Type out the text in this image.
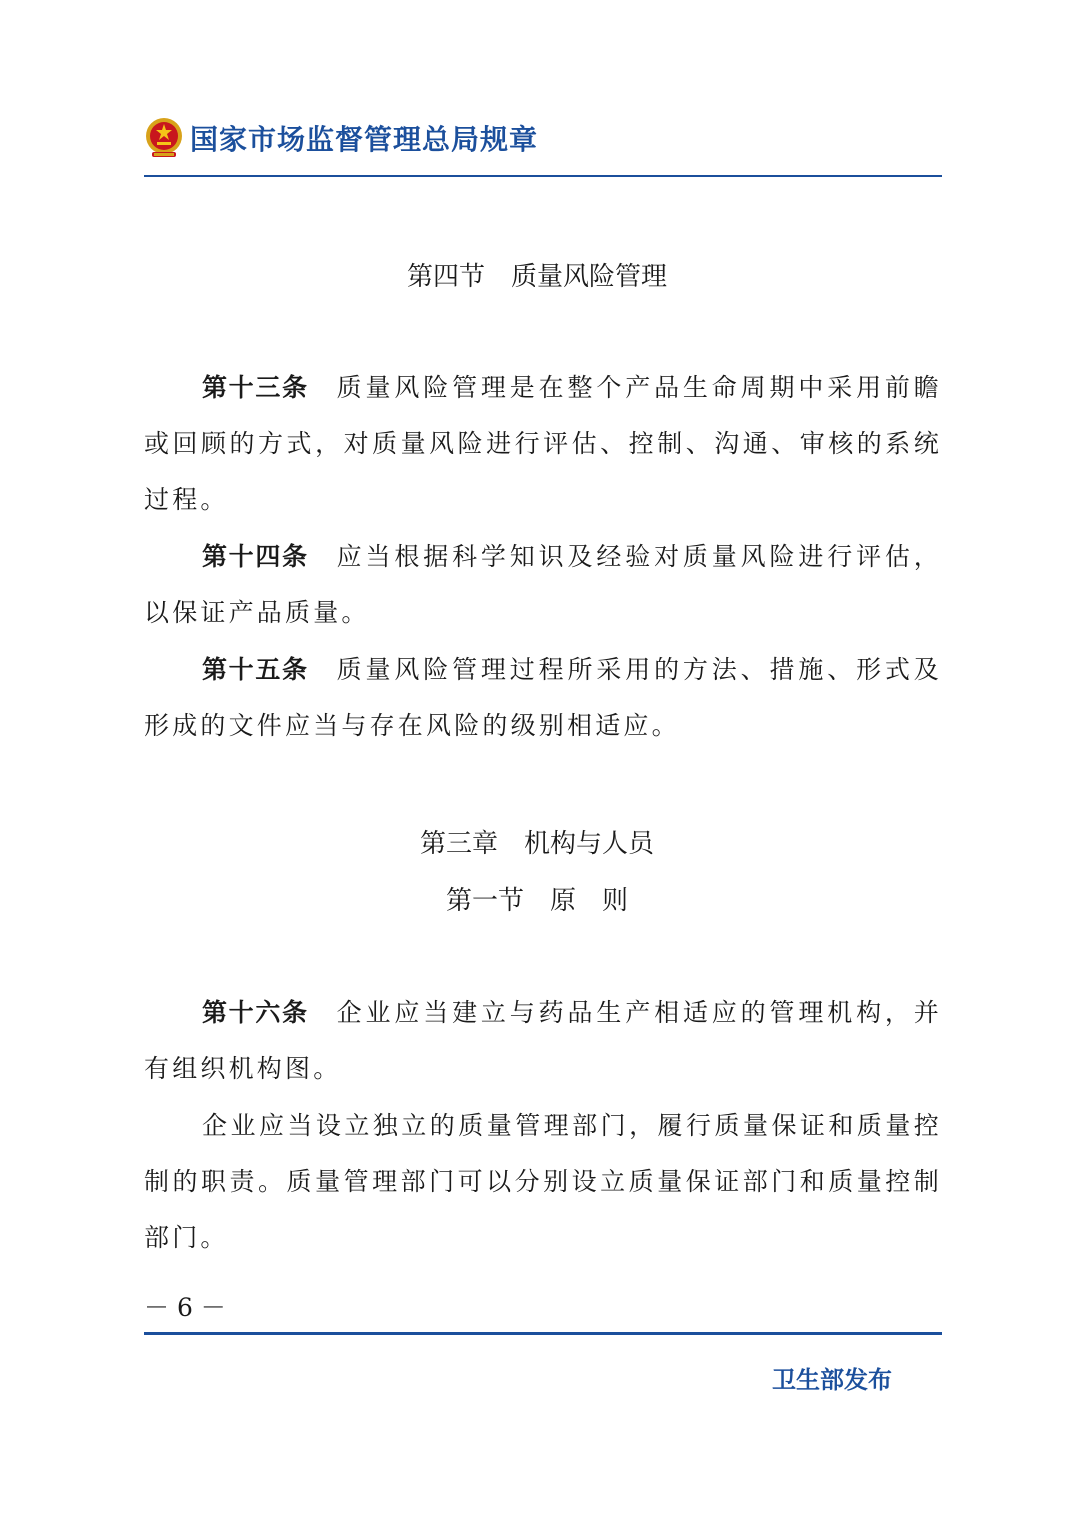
国家市场监督管理总局规章
第四节　质量风险管理

第十三条 质量风险管理是在整个产品生命周期中采用前瞻或回顾的方式，对质量风险进行评估、控制、沟通、审核的系统过程。

第十四条 应当根据科学知识及经验对质量风险进行评估，以保证产品质量。

第十五条 质量风险管理过程所采用的方法、措施、形式及形成的文件应当与存在风险的级别相适应。

第三章　机构与人员
第一节　原　则

第十六条 企业应当建立与药品生产相适应的管理机构，并有组织机构图。

企业应当设立独立的质量管理部门，履行质量保证和质量控制的职责。质量管理部门可以分别设立质量保证部门和质量控制部门。

－ 6 －
卫生部发布
